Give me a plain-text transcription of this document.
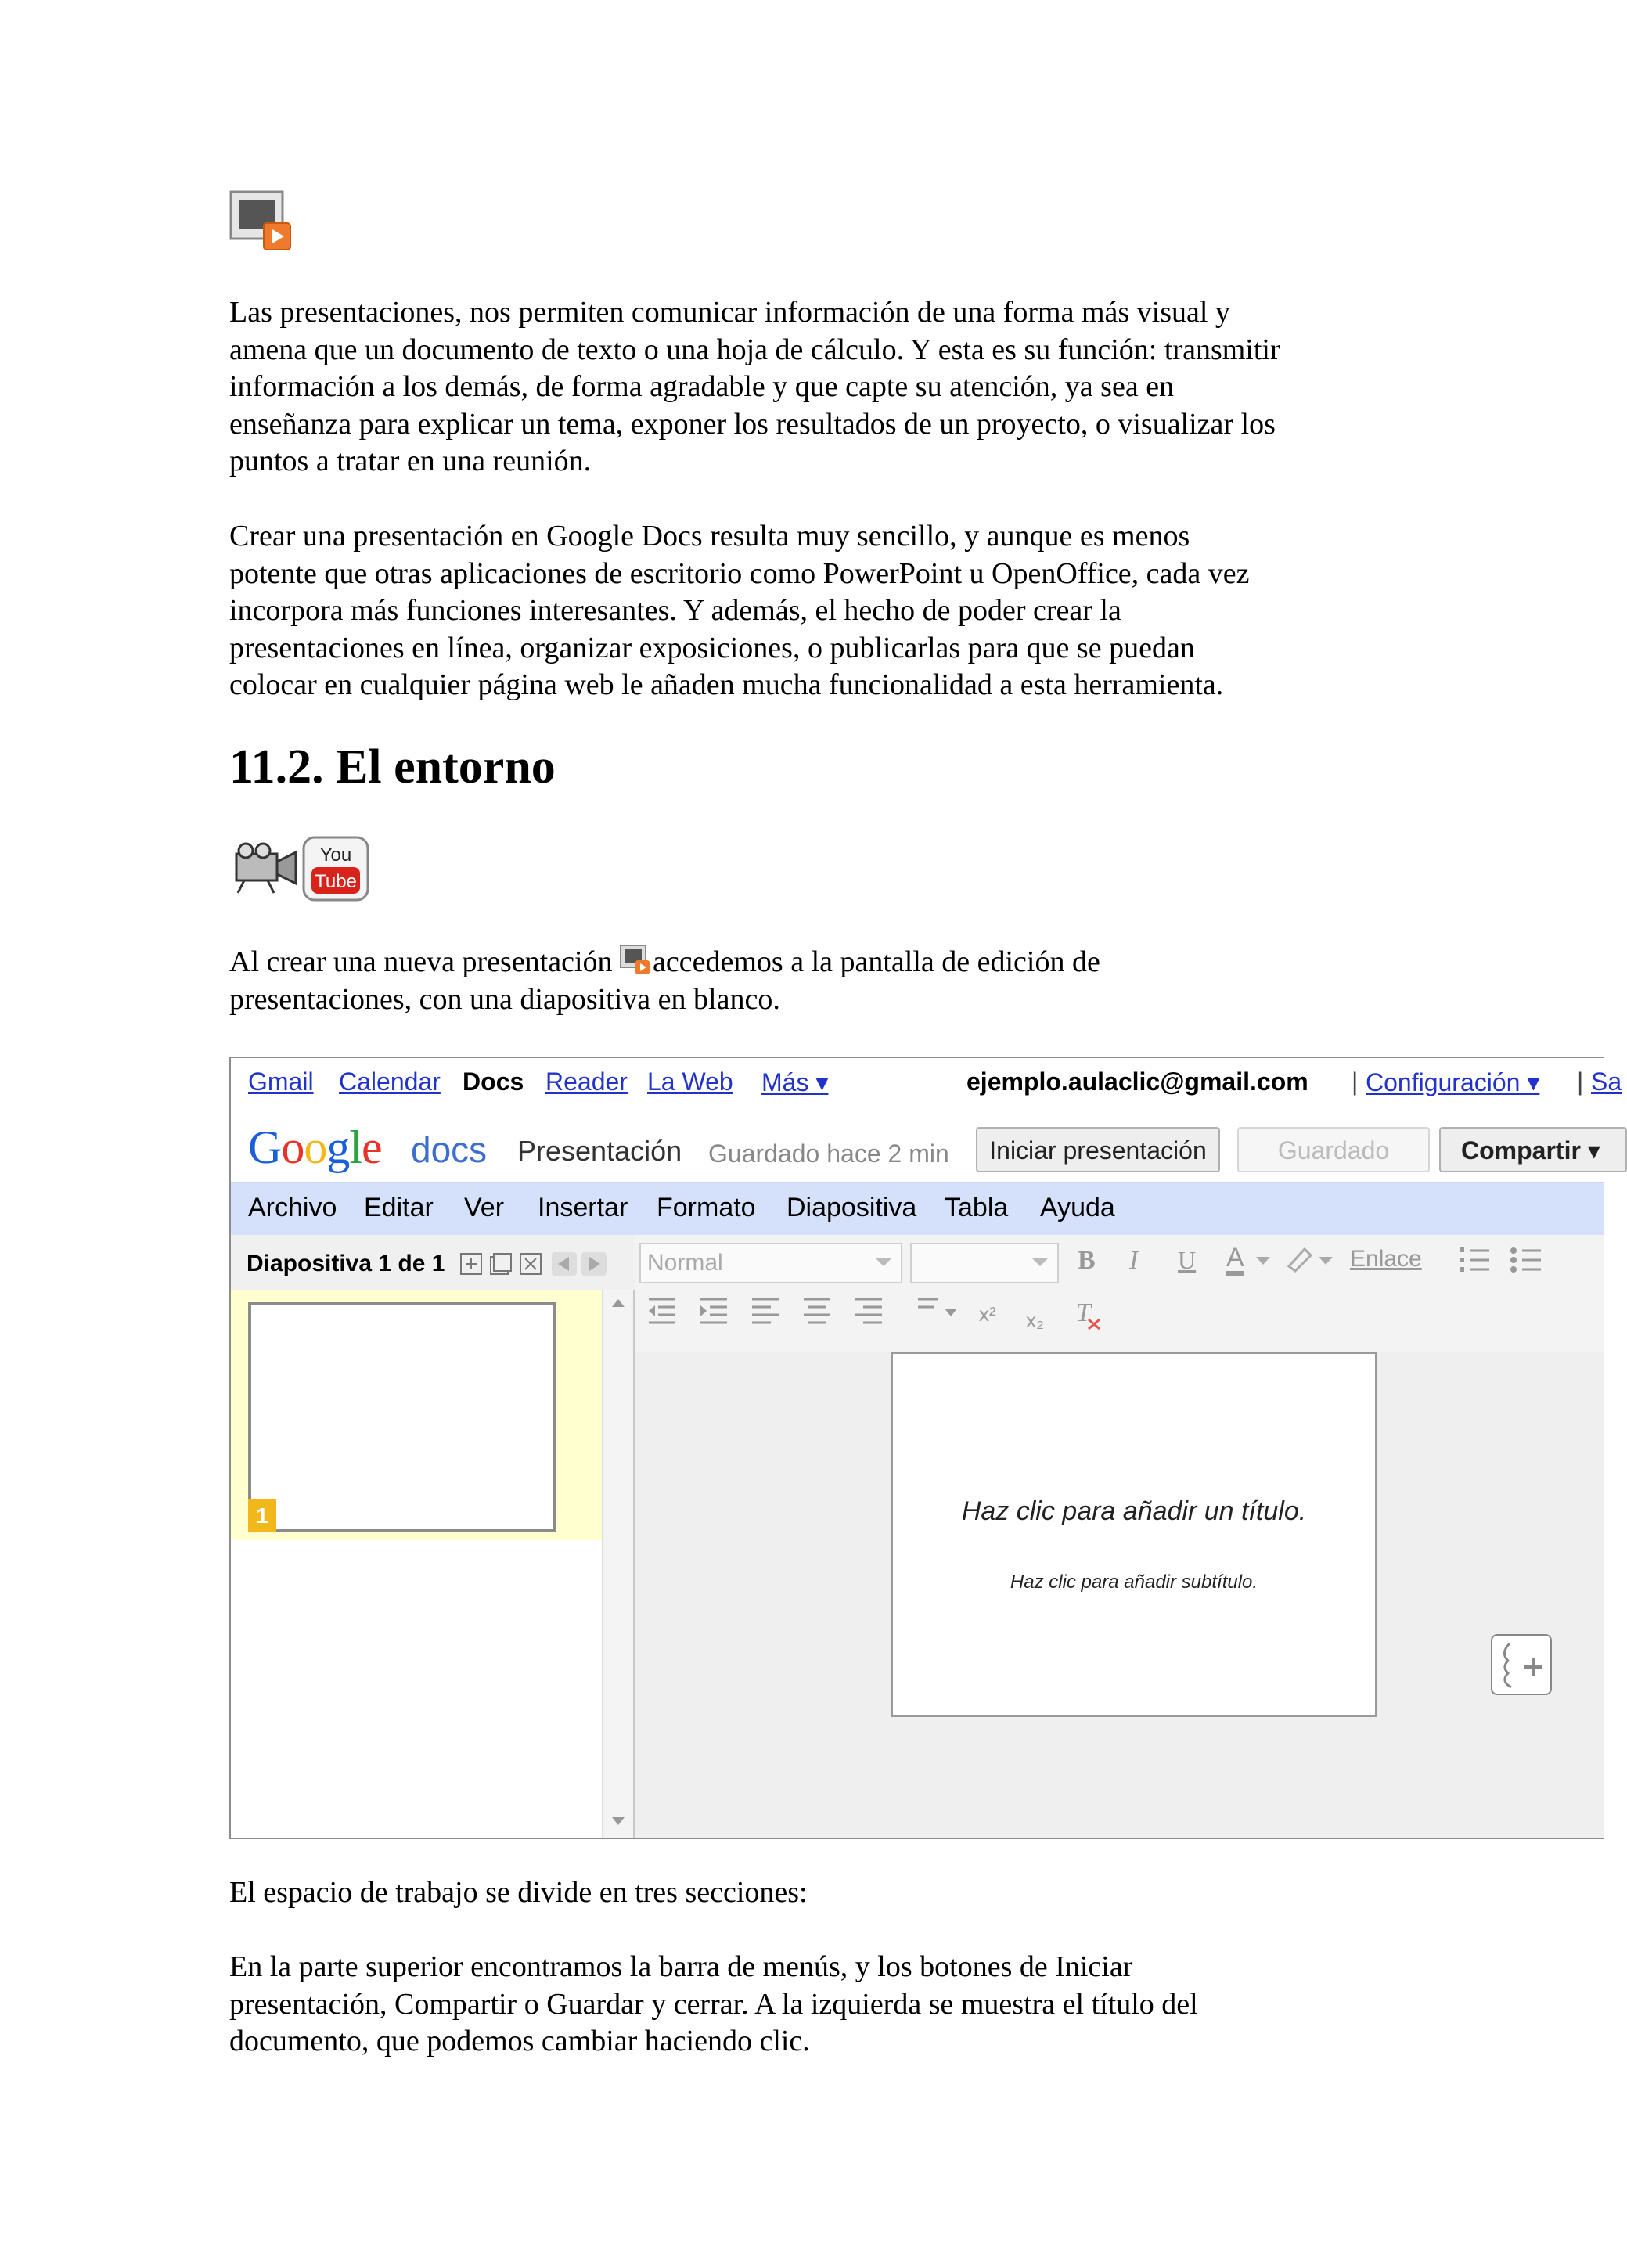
Las presentaciones, nos permiten comunicar información de una forma más visual y
amena que un documento de texto o una hoja de cálculo. Y esta es su función: transmitir
información a los demás, de forma agradable y que capte su atención, ya sea en
enseñanza para explicar un tema, exponer los resultados de un proyecto, o visualizar los
puntos a tratar en una reunión.

Crear una presentación en Google Docs resulta muy sencillo, y aunque es menos
potente que otras aplicaciones de escritorio como PowerPoint u OpenOffice, cada vez
incorpora más funciones interesantes. Y además, el hecho de poder crear la
presentaciones en línea, organizar exposiciones, o publicarlas para que se puedan
colocar en cualquier página web le añaden mucha funcionalidad a esta herramienta.

11.2. El entorno
You
Tube

Al crear una nueva presentación accedemos a la pantalla de edición de
presentaciones, con una diapositiva en blanco.

Gmail Calendar Docs Reader La Web Más ▾	ejemplo.aulaclic@gmail.com | Configuración ▾ | Sa
Google docs Presentación Guardado hace 2 min	Iniciar presentación	Guardado	Compartir ▾
Archivo Editar Ver Insertar Formato Diapositiva Tabla Ayuda
Diapositiva 1 de 1
1
Normal	B I U A	Enlace
x² x₂ T
Haz clic para añadir un título.
Haz clic para añadir subtítulo.

El espacio de trabajo se divide en tres secciones:

En la parte superior encontramos la barra de menús, y los botones de Iniciar
presentación, Compartir o Guardar y cerrar. A la izquierda se muestra el título del
documento, que podemos cambiar haciendo clic.
